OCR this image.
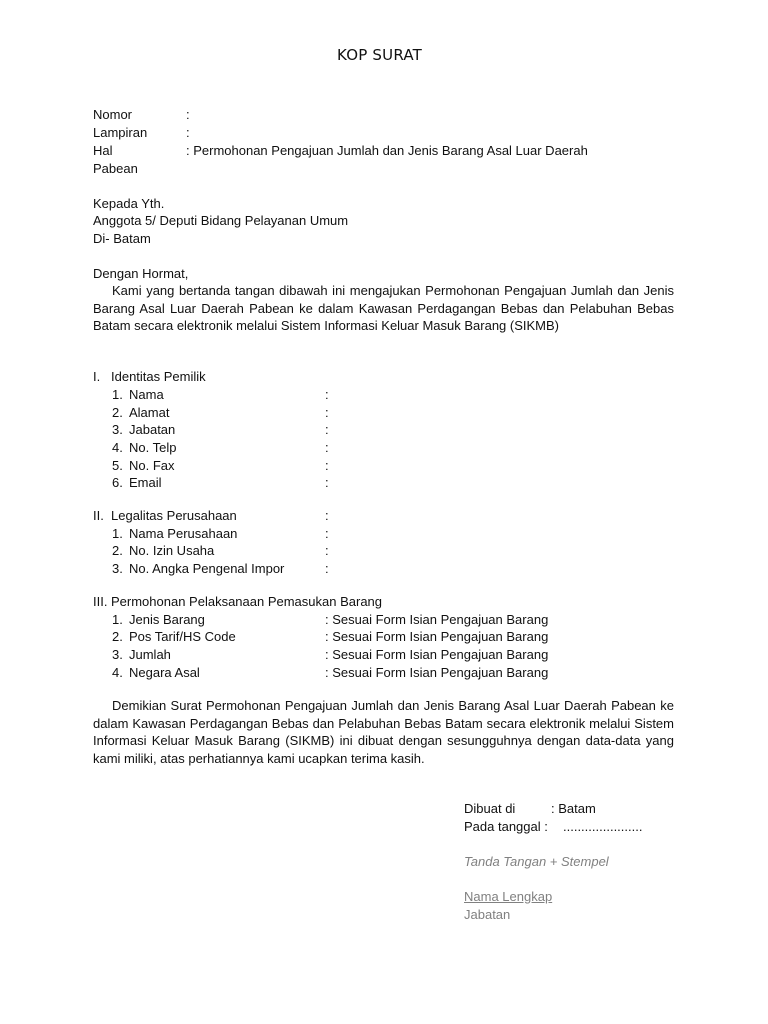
KOP SURAT
Nomor	:
Lampiran	:
Hal	: Permohonan Pengajuan Jumlah dan Jenis Barang Asal Luar Daerah
Pabean
Kepada Yth.
Anggota 5/ Deputi Bidang Pelayanan Umum
Di- Batam
Dengan Hormat,
Kami yang bertanda tangan dibawah ini mengajukan Permohonan Pengajuan Jumlah dan Jenis Barang Asal Luar Daerah Pabean ke dalam Kawasan Perdagangan Bebas dan Pelabuhan Bebas Batam secara elektronik melalui Sistem Informasi Keluar Masuk Barang (SIKMB)
I. Identitas Pemilik
1. Nama	:
2. Alamat	:
3. Jabatan	:
4. No. Telp	:
5. No. Fax	:
6. Email	:
II. Legalitas Perusahaan	:
1. Nama Perusahaan	:
2. No. Izin Usaha	:
3. No. Angka Pengenal Impor	:
III. Permohonan Pelaksanaan Pemasukan Barang
1. Jenis Barang	: Sesuai Form Isian Pengajuan Barang
2. Pos Tarif/HS Code	: Sesuai Form Isian Pengajuan Barang
3. Jumlah	: Sesuai Form Isian Pengajuan Barang
4. Negara Asal	: Sesuai Form Isian Pengajuan Barang
Demikian Surat Permohonan Pengajuan Jumlah dan Jenis Barang Asal Luar Daerah Pabean ke dalam Kawasan Perdagangan Bebas dan Pelabuhan Bebas Batam secara elektronik melalui Sistem Informasi Keluar Masuk Barang (SIKMB) ini dibuat dengan sesungguhnya dengan data-data yang kami miliki, atas perhatiannya kami ucapkan terima kasih.
Dibuat di	: Batam
Pada tanggal : ......................
Tanda Tangan + Stempel
Nama Lengkap
Jabatan
